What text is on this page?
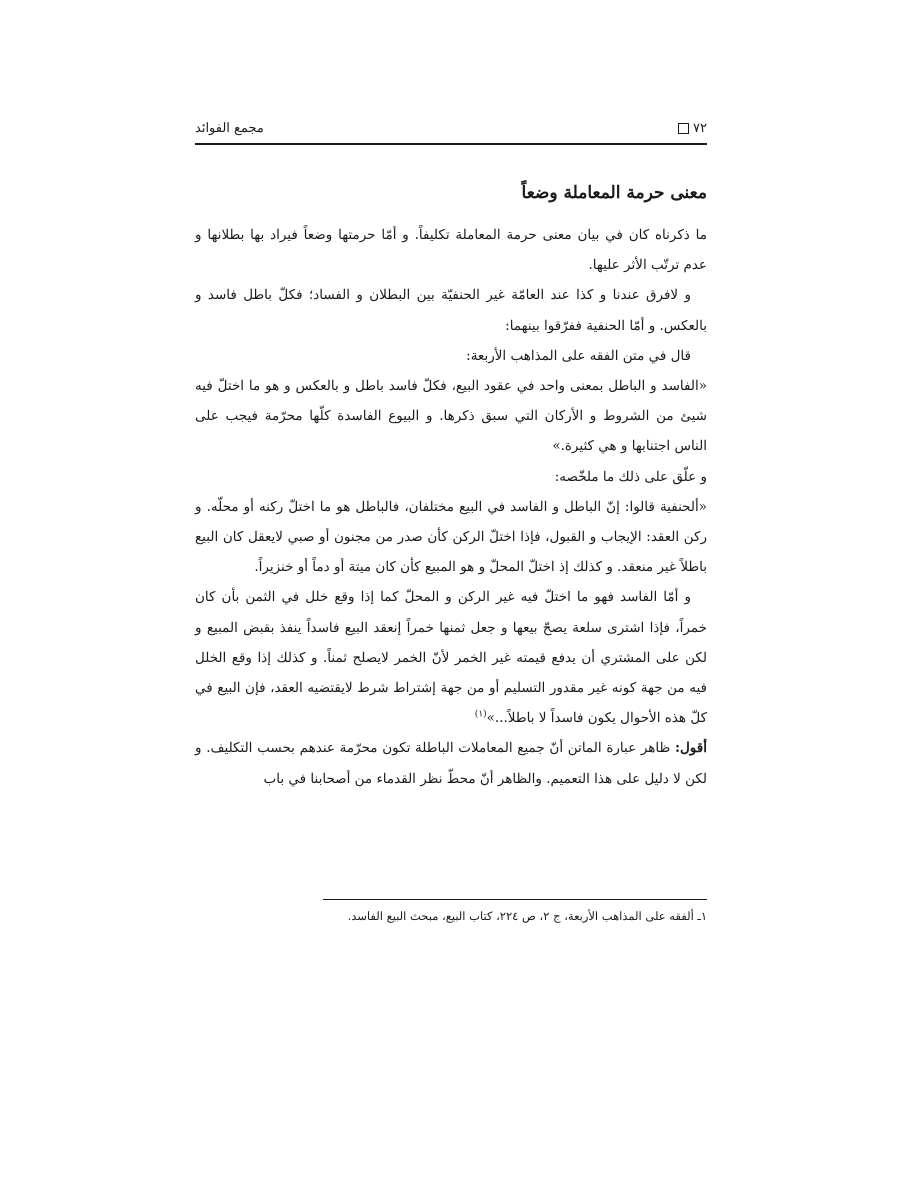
٧٢
مجمع الفوائد
معنى حرمة المعاملة وضعاً

ما ذكرناه كان في بيان معنى حرمة المعاملة تكليفاً. و أمّا حرمتها وضعاً فيراد بها بطلانها و عدم ترتّب الأثر عليها.

و لافرق عندنا و كذا عند العامّة غير الحنفيّة بين البطلان و الفساد؛ فكلّ باطل فاسد و بالعكس. و أمّا الحنفية ففرّقوا بينهما:

قال في متن الفقه على المذاهب الأربعة:

«الفاسد و الباطل بمعنى واحد في عقود البيع، فكلّ فاسد باطل و بالعكس و هو ما اختلّ فيه شيئ من الشروط و الأركان التي سبق ذكرها. و البيوع الفاسدة كلّها محرّمة فيجب على الناس اجتنابها و هي كثيرة.»

و علّق على ذلك ما ملخّصه:

«ألحنفية قالوا: إنّ الباطل و الفاسد في البيع مختلفان، فالباطل هو ما اختلّ ركنه أو محلّه. و ركن العقد: الإيجاب و القبول، فإذا اختلّ الركن كأن صدر من مجنون أو صبي لايعقل كان البيع باطلاً غير منعقد. و كذلك إذ اختلّ المحلّ و هو المبيع كأن كان ميتة أو دماً أو خنزيراً.

و أمّا الفاسد فهو ما اختلّ فيه غير الركن و المحلّ كما إذا وقع خلل في الثمن بأن كان خمراً، فإذا اشترى سلعة يصحّ بيعها و جعل ثمنها خمراً إنعقد البيع فاسداً ينفذ بقبض المبيع و لكن على المشتري أن يدفع قيمته غير الخمر لأنّ الخمر لايصلح ثمناً. و كذلك إذا وقع الخلل فيه من جهة كونه غير مقدور التسليم أو من جهة إشتراط شرط لايقتضيه العقد، فإن البيع في كلّ هذه الأحوال يكون فاسداً لا باطلاً...»$^{(١)}$

أقول: ظاهر عبارة الماتن أنّ جميع المعاملات الباطلة تكون محرّمة عندهم بحسب التكليف. و لكن لا دليل على هذا التعميم. والظاهر أنّ محطّ نظر القدماء من أصحابنا في باب

١ـ ألفقه على المذاهب الأربعة، ج ٢، ص ٢٢٤، كتاب البيع، مبحث البيع الفاسد.
